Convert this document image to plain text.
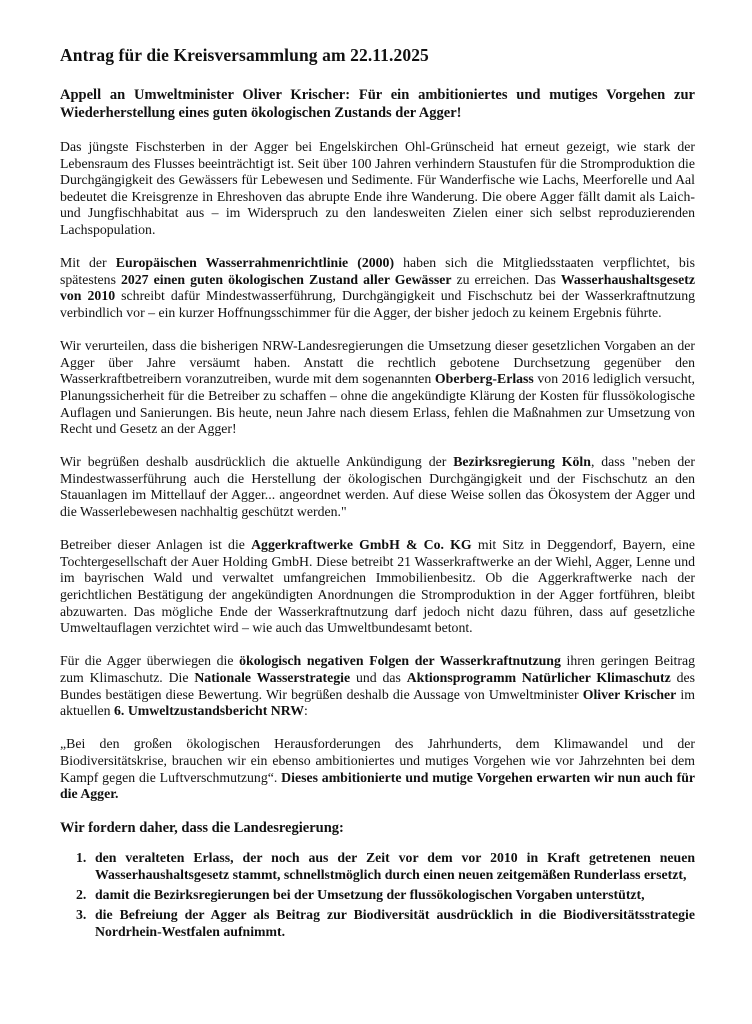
Antrag für die Kreisversammlung am 22.11.2025
Appell an Umweltminister Oliver Krischer: Für ein ambitioniertes und mutiges Vorgehen zur Wiederherstellung eines guten ökologischen Zustands der Agger!

Das jüngste Fischsterben in der Agger bei Engelskirchen Ohl-Grünscheid hat erneut gezeigt, wie stark der Lebensraum des Flusses beeinträchtigt ist. Seit über 100 Jahren verhindern Staustufen für die Stromproduktion die Durchgängigkeit des Gewässers für Lebewesen und Sedimente. Für Wanderfische wie Lachs, Meerforelle und Aal bedeutet die Kreisgrenze in Ehreshoven das abrupte Ende ihre Wanderung. Die obere Agger fällt damit als Laich- und Jungfischhabitat aus – im Widerspruch zu den landesweiten Zielen einer sich selbst reproduzierenden Lachspopulation.

Mit der Europäischen Wasserrahmenrichtlinie (2000) haben sich die Mitgliedsstaaten verpflichtet, bis spätestens 2027 einen guten ökologischen Zustand aller Gewässer zu erreichen. Das Wasserhaushaltsgesetz von 2010 schreibt dafür Mindestwasserführung, Durchgängigkeit und Fischschutz bei der Wasserkraftnutzung verbindlich vor – ein kurzer Hoffnungsschimmer für die Agger, der bisher jedoch zu keinem Ergebnis führte.

Wir verurteilen, dass die bisherigen NRW-Landesregierungen die Umsetzung dieser gesetzlichen Vorgaben an der Agger über Jahre versäumt haben. Anstatt die rechtlich gebotene Durchsetzung gegenüber den Wasserkraftbetreibern voranzutreiben, wurde mit dem sogenannten Oberberg-Erlass von 2016 lediglich versucht, Planungssicherheit für die Betreiber zu schaffen – ohne die angekündigte Klärung der Kosten für flussökologische Auflagen und Sanierungen. Bis heute, neun Jahre nach diesem Erlass, fehlen die Maßnahmen zur Umsetzung von Recht und Gesetz an der Agger!

Wir begrüßen deshalb ausdrücklich die aktuelle Ankündigung der Bezirksregierung Köln, dass "neben der Mindestwasserführung auch die Herstellung der ökologischen Durchgängigkeit und der Fischschutz an den Stauanlagen im Mittellauf der Agger... angeordnet werden. Auf diese Weise sollen das Ökosystem der Agger und die Wasserlebewesen nachhaltig geschützt werden."

Betreiber dieser Anlagen ist die Aggerkraftwerke GmbH & Co. KG mit Sitz in Deggendorf, Bayern, eine Tochtergesellschaft der Auer Holding GmbH. Diese betreibt 21 Wasserkraftwerke an der Wiehl, Agger, Lenne und im bayrischen Wald und verwaltet umfangreichen Immobilienbesitz. Ob die Aggerkraftwerke nach der gerichtlichen Bestätigung der angekündigten Anordnungen die Stromproduktion in der Agger fortführen, bleibt abzuwarten. Das mögliche Ende der Wasserkraftnutzung darf jedoch nicht dazu führen, dass auf gesetzliche Umweltauflagen verzichtet wird – wie auch das Umweltbundesamt betont.

Für die Agger überwiegen die ökologisch negativen Folgen der Wasserkraftnutzung ihren geringen Beitrag zum Klimaschutz. Die Nationale Wasserstrategie und das Aktionsprogramm Natürlicher Klimaschutz des Bundes bestätigen diese Bewertung. Wir begrüßen deshalb die Aussage von Umweltminister Oliver Krischer im aktuellen 6. Umweltzustandsbericht NRW:

„Bei den großen ökologischen Herausforderungen des Jahrhunderts, dem Klimawandel und der Biodiversitätskrise, brauchen wir ein ebenso ambitioniertes und mutiges Vorgehen wie vor Jahrzehnten bei dem Kampf gegen die Luftverschmutzung“. Dieses ambitionierte und mutige Vorgehen erwarten wir nun auch für die Agger.

Wir fordern daher, dass die Landesregierung:

1. den veralteten Erlass, der noch aus der Zeit vor dem vor 2010 in Kraft getretenen neuen Wasserhaushaltsgesetz stammt, schnellstmöglich durch einen neuen zeitgemäßen Runderlass ersetzt,
2. damit die Bezirksregierungen bei der Umsetzung der flussökologischen Vorgaben unterstützt,
3. die Befreiung der Agger als Beitrag zur Biodiversität ausdrücklich in die Biodiversitätsstrategie Nordrhein-Westfalen aufnimmt.
